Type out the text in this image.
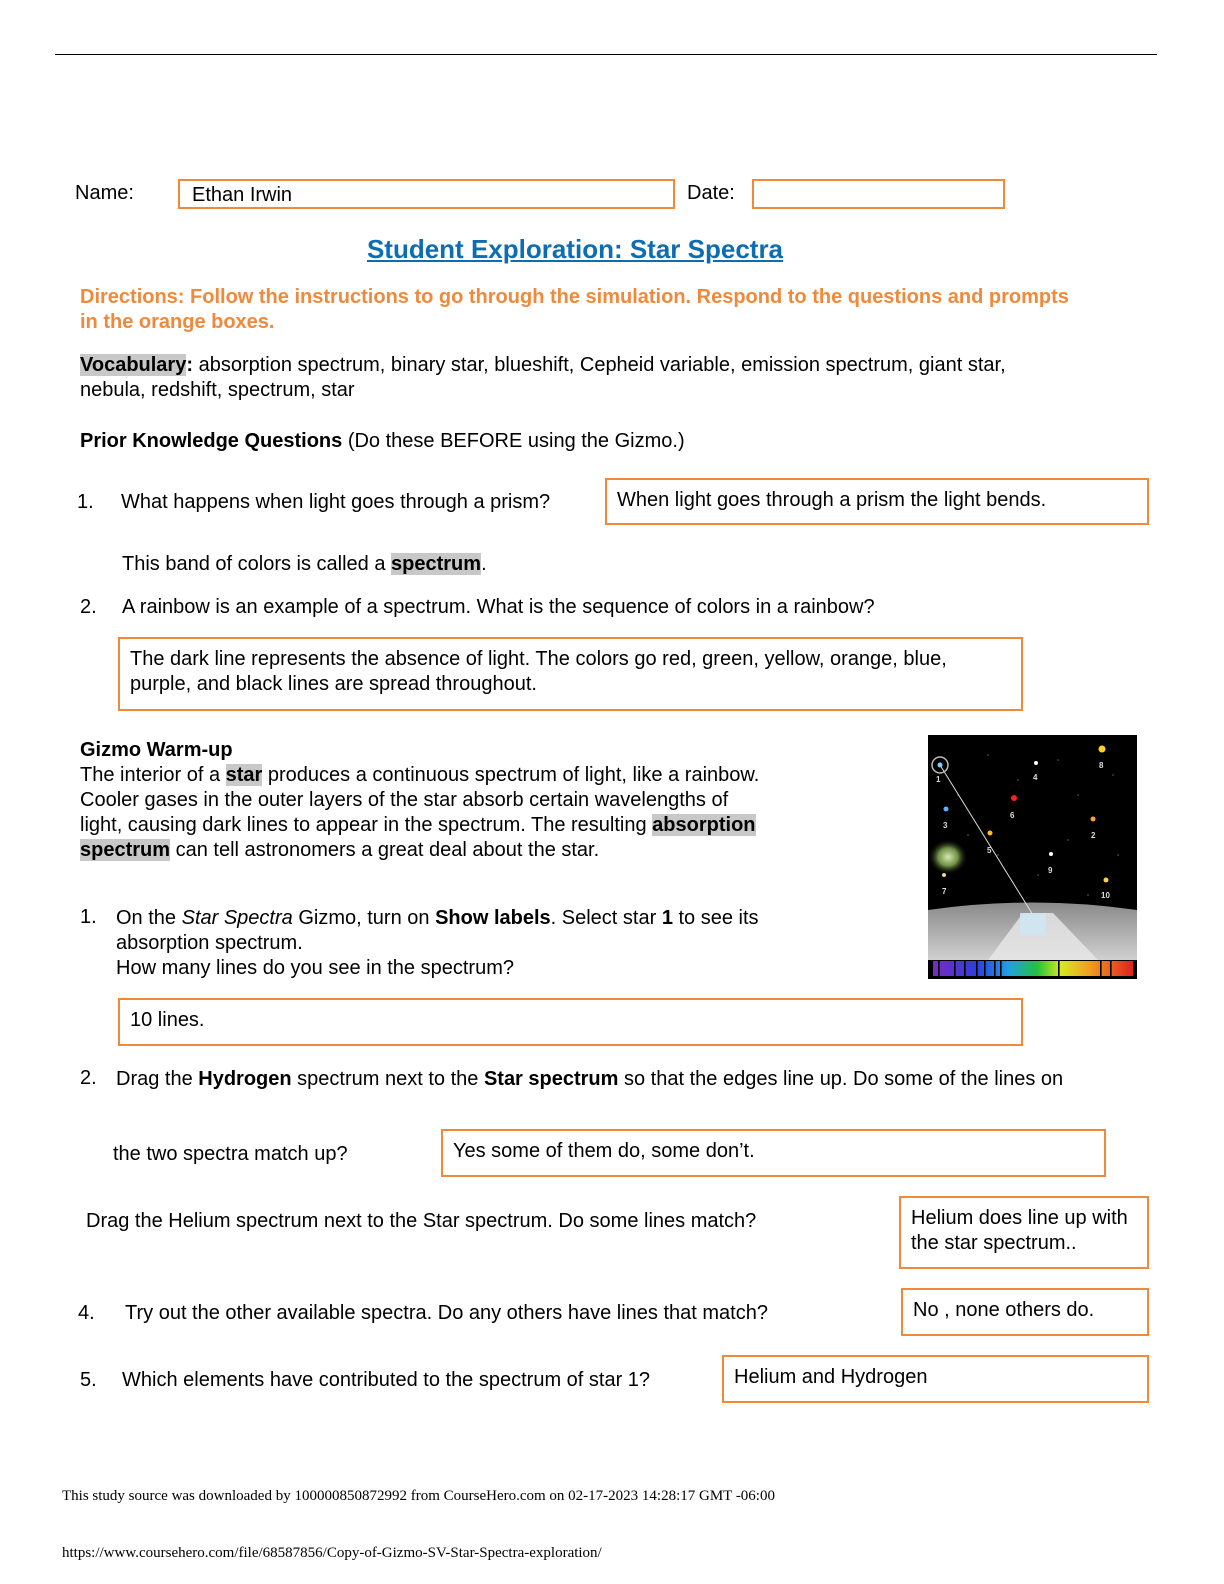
Name:	Ethan Irwin	Date:
Student Exploration: Star Spectra
Directions: Follow the instructions to go through the simulation. Respond to the questions and prompts in the orange boxes.
Vocabulary: absorption spectrum, binary star, blueshift, Cepheid variable, emission spectrum, giant star, nebula, redshift, spectrum, star
Prior Knowledge Questions (Do these BEFORE using the Gizmo.)
1. What happens when light goes through a prism?	When light goes through a prism the light bends.
This band of colors is called a spectrum.
2. A rainbow is an example of a spectrum. What is the sequence of colors in a rainbow?
The dark line represents the absence of light. The colors go red, green, yellow, orange, blue, purple, and black lines are spread throughout.
Gizmo Warm-up
The interior of a star produces a continuous spectrum of light, like a rainbow. Cooler gases in the outer layers of the star absorb certain wavelengths of light, causing dark lines to appear in the spectrum. The resulting absorption spectrum can tell astronomers a great deal about the star.
1
2
3
4
5
6
7
8
9
10
1. On the Star Spectra Gizmo, turn on Show labels. Select star 1 to see its absorption spectrum.
How many lines do you see in the spectrum?
10 lines.
2. Drag the Hydrogen spectrum next to the Star spectrum so that the edges line up. Do some of the lines on
the two spectra match up?	Yes some of them do, some don’t.
Drag the Helium spectrum next to the Star spectrum. Do some lines match?	Helium does line up with the star spectrum..
4. Try out the other available spectra. Do any others have lines that match?	No , none others do.
5. Which elements have contributed to the spectrum of star 1?	Helium and Hydrogen
This study source was downloaded by 100000850872992 from CourseHero.com on 02-17-2023 14:28:17 GMT -06:00
https://www.coursehero.com/file/68587856/Copy-of-Gizmo-SV-Star-Spectra-exploration/
